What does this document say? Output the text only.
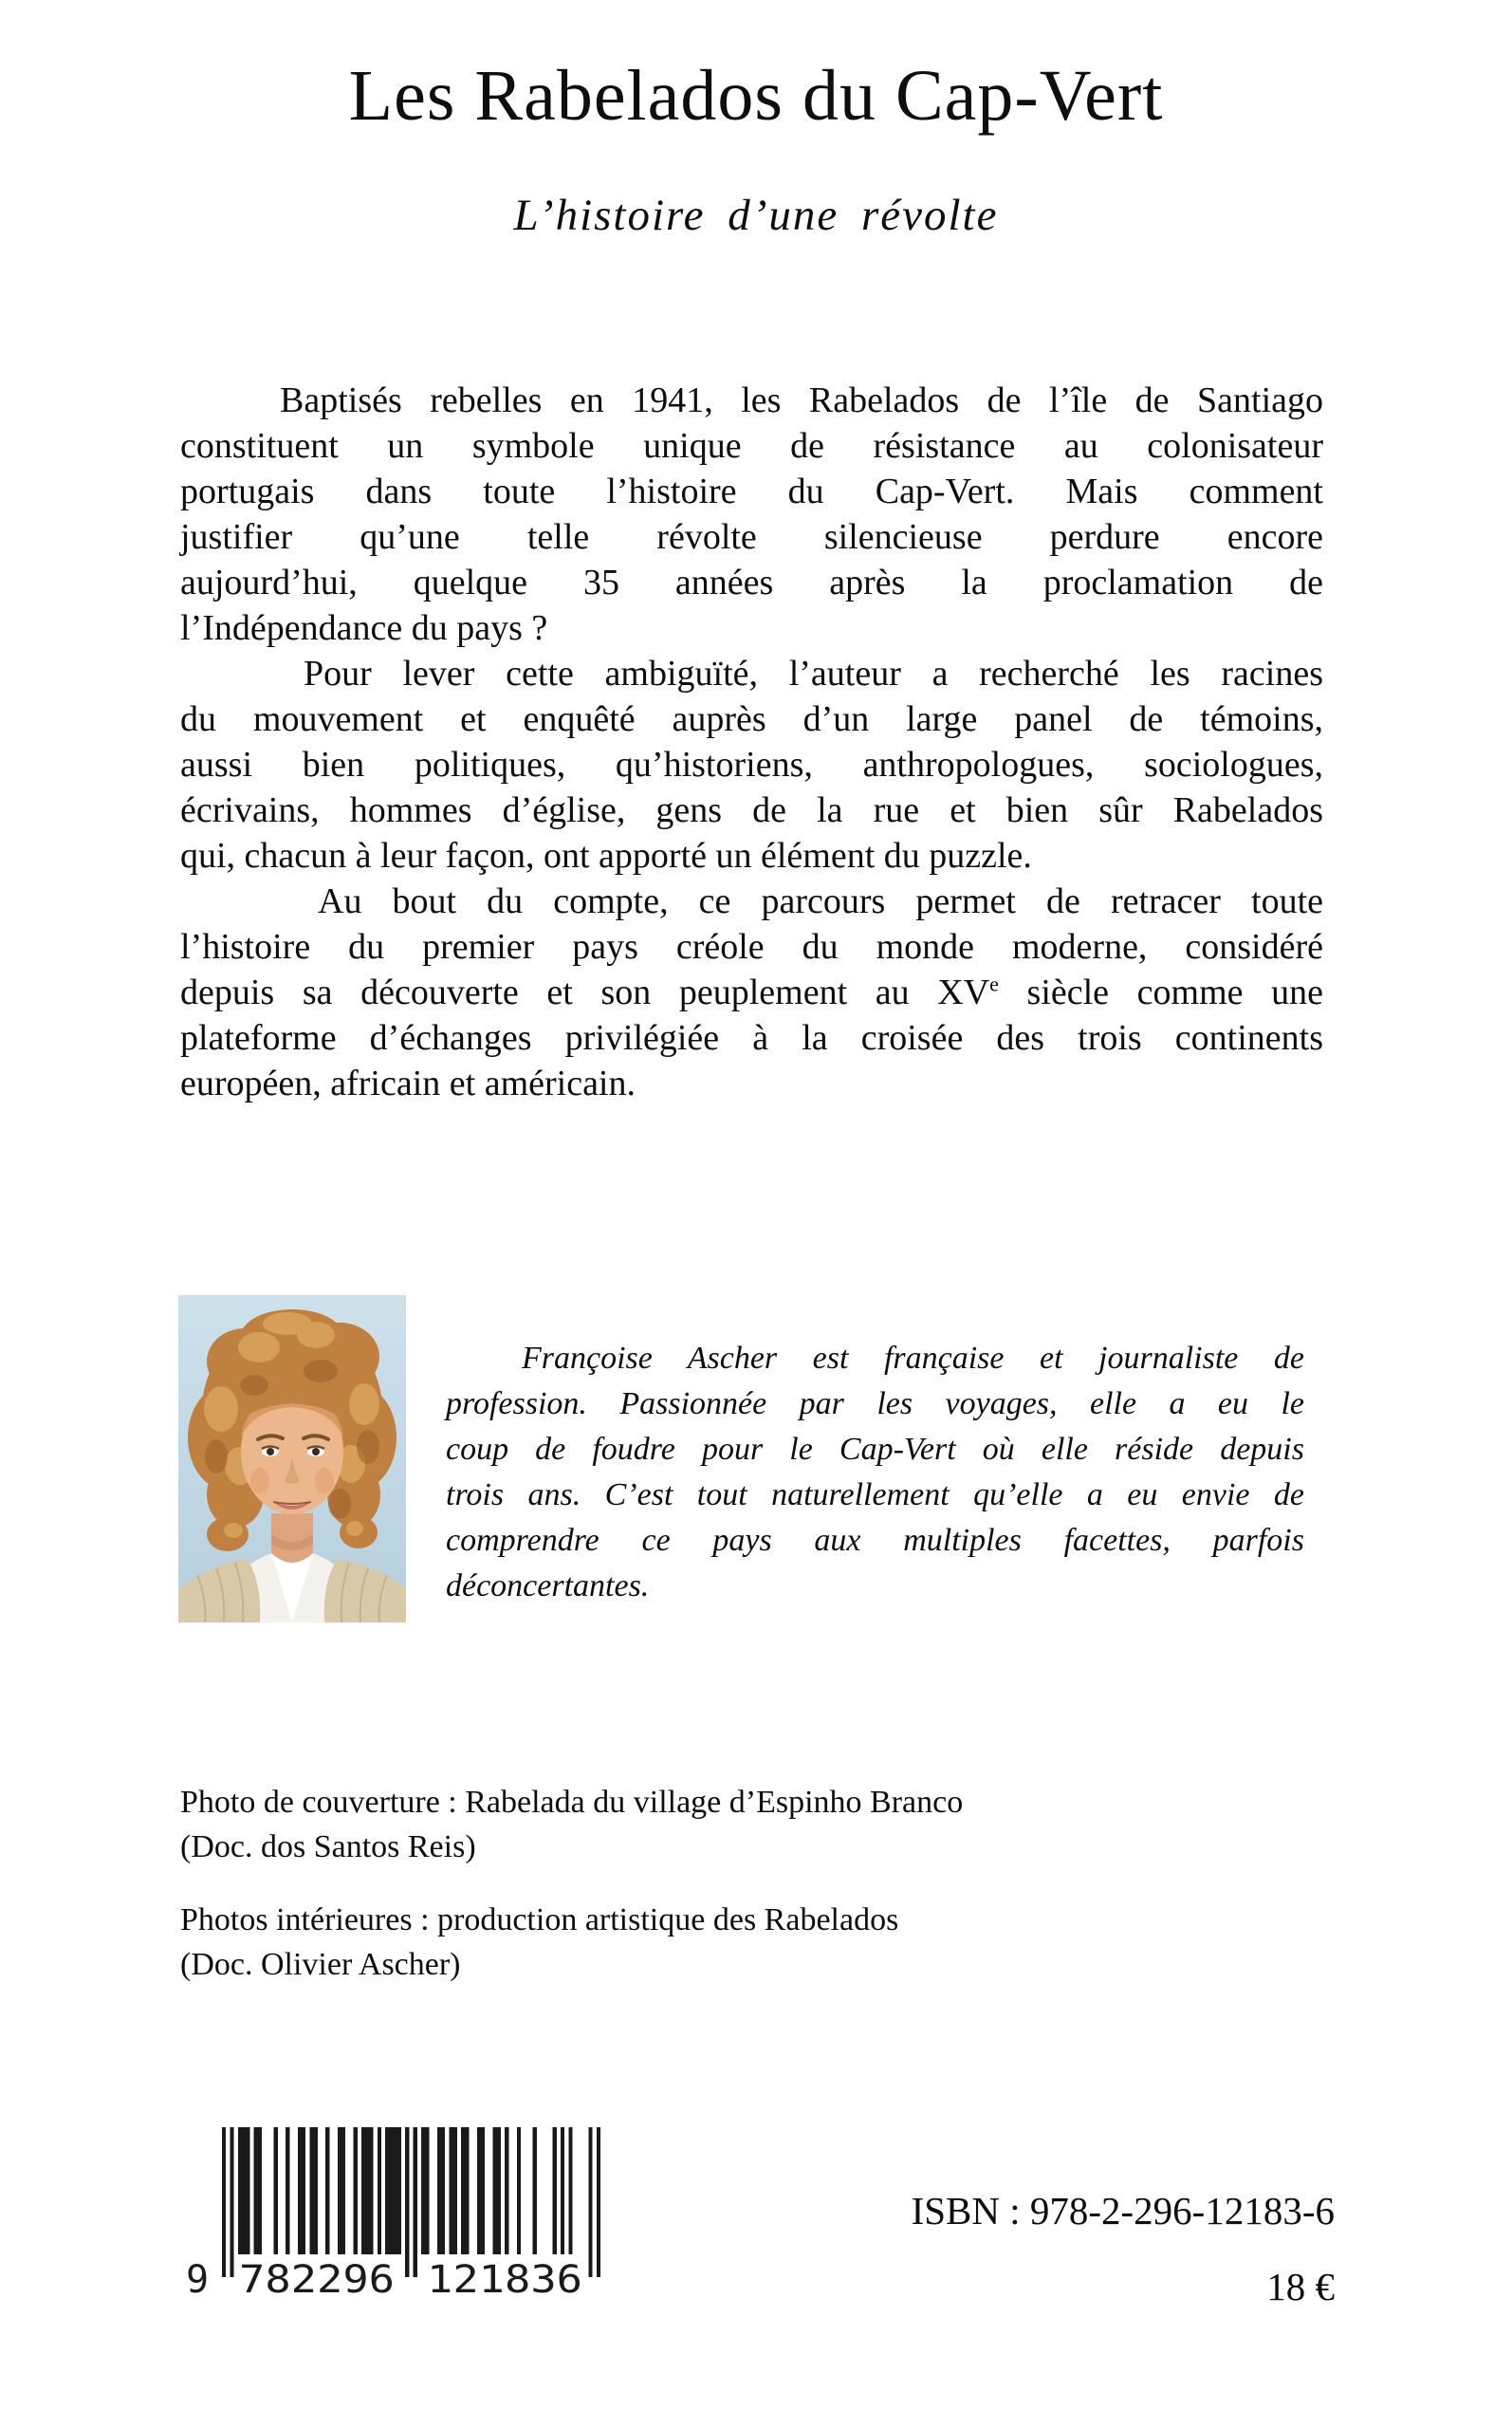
Les Rabelados du Cap-Vert
L’histoire d’une révolte
Baptisés rebelles en 1941, les Rabelados de l’île de Santiago
constituent un symbole unique de résistance au colonisateur
portugais dans toute l’histoire du Cap-Vert. Mais comment
justifier qu’une telle révolte silencieuse perdure encore
aujourd’hui, quelque 35 années après la proclamation de
l’Indépendance du pays ?
Pour lever cette ambiguïté, l’auteur a recherché les racines
du mouvement et enquêté auprès d’un large panel de témoins,
aussi bien politiques, qu’historiens, anthropologues, sociologues,
écrivains, hommes d’église, gens de la rue et bien sûr Rabelados
qui, chacun à leur façon, ont apporté un élément du puzzle.
Au bout du compte, ce parcours permet de retracer toute
l’histoire du premier pays créole du monde moderne, considéré
depuis sa découverte et son peuplement au XVe siècle comme une
plateforme d’échanges privilégiée à la croisée des trois continents
européen, africain et américain.
Françoise Ascher est française et journaliste de
profession. Passionnée par les voyages, elle a eu le
coup de foudre pour le Cap-Vert où elle réside depuis
trois ans. C’est tout naturellement qu’elle a eu envie de
comprendre ce pays aux multiples facettes, parfois
déconcertantes.
Photo de couverture : Rabelada du village d’Espinho Branco
(Doc. dos Santos Reis)
Photos intérieures : production artistique des Rabelados
(Doc. Olivier Ascher)
9 782296 121836
ISBN : 978-2-296-12183-6
18 €
